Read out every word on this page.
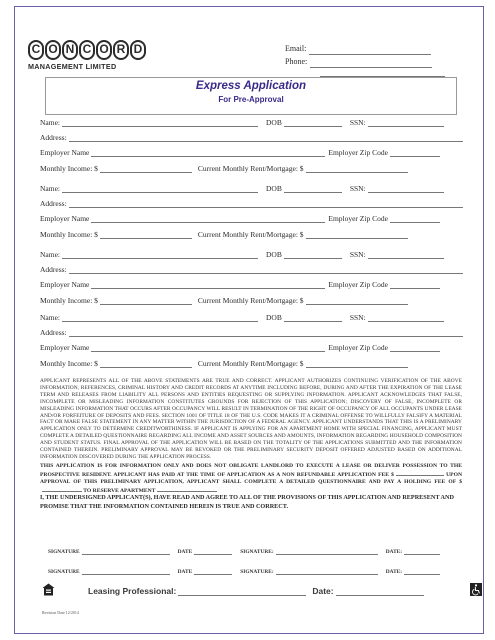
C O N C O R D
MANAGEMENT LIMITED
Email:
Phone:
Express Application
For Pre-Approval
Name:	DOB	SSN:
Address:
Employer Name	Employer Zip Code
Monthly Income: $	Current Monthly Rent/Mortgage: $
Name:	DOB	SSN:
Address:
Employer Name	Employer Zip Code
Monthly Income: $	Current Monthly Rent/Mortgage: $
Name:	DOB	SSN:
Address:
Employer Name	Employer Zip Code
Monthly Income: $	Current Monthly Rent/Mortgage: $
Name:	DOB	SSN:
Address:
Employer Name	Employer Zip Code
Monthly Income: $	Current Monthly Rent/Mortgage: $
APPLICANT REPRESENTS ALL OF THE ABOVE STATEMENTS ARE TRUE AND CORRECT. APPLICANT AUTHORIZES CONTINUING VERIFICATION OF THE ABOVE INFORMATION, REFERENCES, CRIMINAL HISTORY AND CREDIT RECORDS AT ANYTIME INCLUDING BEFORE, DURING AND AFTER THE EXPIRATION OF THE LEASE TERM AND RELEASES FROM LIABILITY ALL PERSONS AND ENTITIES REQUESTING OR SUPPLYING INFORMATION. APPLICANT ACKNOWLEDGES THAT FALSE, INCOMPLETE OR MISLEADING INFORMATION CONSTITUTES GROUNDS FOR REJECTION OF THIS APPLICATION; DISCOVERY OF FALSE, INCOMPLETE OR MISLEADING INFORMATION THAT OCCURS AFTER OCCUPANCY WILL RESULT IN TERMINATION OF THE RIGHT OF OCCUPANCY OF ALL OCCUPANTS UNDER LEASE AND/OR FORFEITURE OF DEPOSITS AND FEES. SECTION 1001 OF TITLE 18 OF THE U.S. CODE MAKES IT A CRIMINAL OFFENSE TO WILLFULLY FALSIFY A MATERIAL FACT OR MAKE FALSE STATEMENT IN ANY MATTER WITHIN THE JURISDICTION OF A FEDERAL AGENCY. APPLICANT UNDERSTANDS THAT THIS IS A PRELIMINARY APPLICATION ONLY TO DETERMINE CREDITWORTHINESS. IF APPLICANT IS APPLYING FOR AN APARTMENT HOME WITH SPECIAL FINANCING, APPLICANT MUST COMPLETE A DETAILED QUESTIONNAIRE REGARDING ALL INCOME AND ASSET SOURCES AND AMOUNTS, INFORMATION REGARDING HOUSEHOLD COMPOSITION AND STUDENT STATUS. FINAL APPROVAL OF THE APPLICATION WILL BE BASED ON THE TOTALITY OF THE APPLICATIONS SUBMITTED AND THE INFORMATION CONTAINED THEREIN. PRELIMINARY APPROVAL MAY BE REVOKED OR THE PRELIMINARY SECURITY DEPOSIT OFFERED ADJUSTED BASED ON ADDITIONAL INFORMATION DISCOVERED DURING THE APPLICATION PROCESS.
THIS APPLICATION IS FOR INFORMATION ONLY AND DOES NOT OBLIGATE LANDLORD TO EXECUTE A LEASE OR DELIVER POSSESSION TO THE PROSPECTIVE RESIDENT. APPLICANT HAS PAID AT THE TIME OF APPLICATION AS A NON REFUNDABLE APPLICATION FEE $	UPON APPROVAL OF THIS PRELIMINARY APPLICATION, APPLICANT SHALL COMPLETE A DETAILED QUESTIONNAIRE AND PAY A HOLDING FEE OF $ TO RESERVE APARTMENT
I, THE UNDERSIGNED APPLICANT(S), HAVE READ AND AGREE TO ALL OF THE PROVISIONS OF THIS APPLICATION AND REPRESENT AND PROMISE THAT THE INFORMATION CONTAINED HEREIN IS TRUE AND CORRECT.
SIGNATURE	DATE	SIGNATURE:	DATE:
SIGNATURE	DATE	SIGNATURE:	DATE:
Leasing Professional:	Date:
Revision Date 12/2014
